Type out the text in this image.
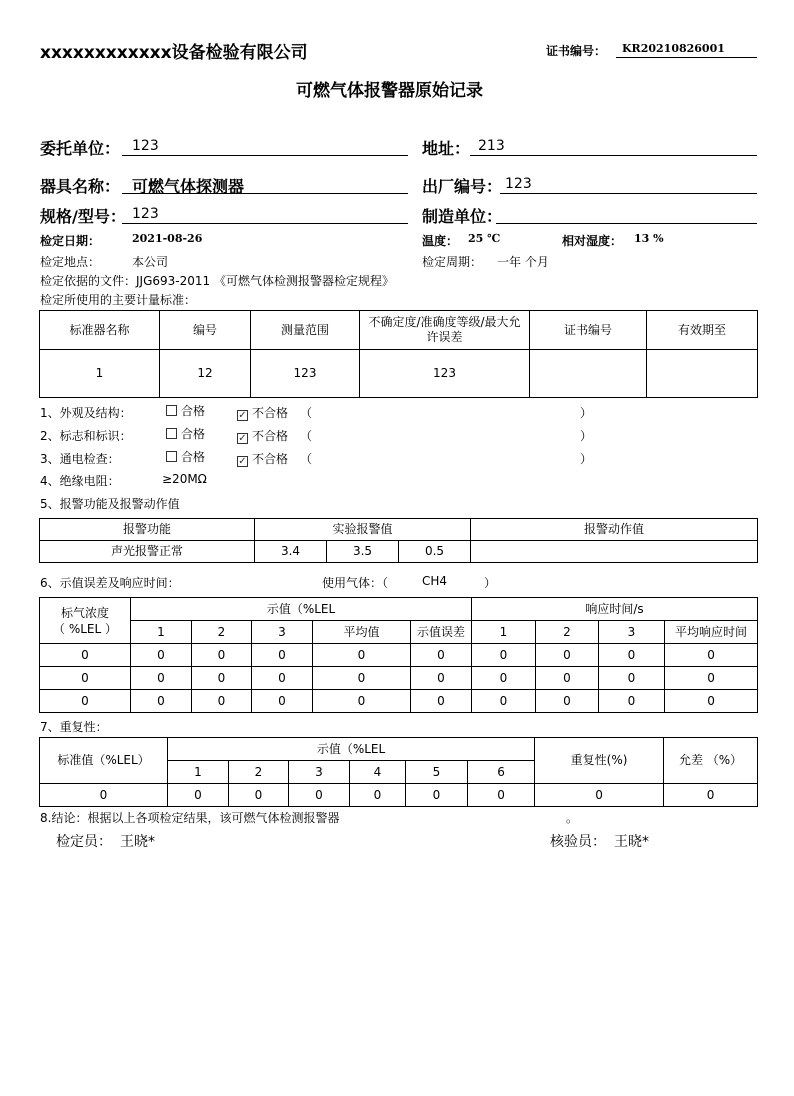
xxxxxxxxxxxx设备检验有限公司	证书编号： KR20210826001
可燃气体报警器原始记录
委托单位： 123	地址： 213
器具名称： 可燃气体探测器	出厂编号： 123
规格/型号： 123	制造单位：
检定日期：	2021-08-26	温度： 25 ℃	相对湿度： 13 %
检定地点：	本公司	检定周期： 一年 个月
检定依据的文件：JJG693-2011 《可燃气体检测报警器检定规程》
检定所使用的主要计量标准：
标准器名称	编号	测量范围	不确定度/准确度等级/最大允许误差	证书编号	有效期至
1	12	123	123		
1、外观及结构：	合格	✓ 不合格 （	）
2、标志和标识：	合格	✓ 不合格 （	）
3、通电检查：	合格	✓ 不合格 （	）
4、绝缘电阻：	≥20MΩ
5、报警功能及报警动作值
报警功能	实验报警值			报警动作值
声光报警正常	3.4	3.5	0.5	
6、示值误差及响应时间：	使用气体：（	CH4	）
标气浓度
（ %LEL ）	示值（%LEL					响应时间/s			
	1	2	3	平均值	示值误差	1	2	3	平均响应时间
0	0	0	0	0	0	0	0	0	0
0	0	0	0	0	0	0	0	0	0
0	0	0	0	0	0	0	0	0	0
7、重复性：
标准值（%LEL）	示值（%LEL						重复性(%)	允差 （%）
	1	2	3	4	5	6		
0	0	0	0	0	0	0	0	0
8.结论：根据以上各项检定结果，该可燃气体检测报警器	。
检定员： 王晓*	核验员： 王晓*
